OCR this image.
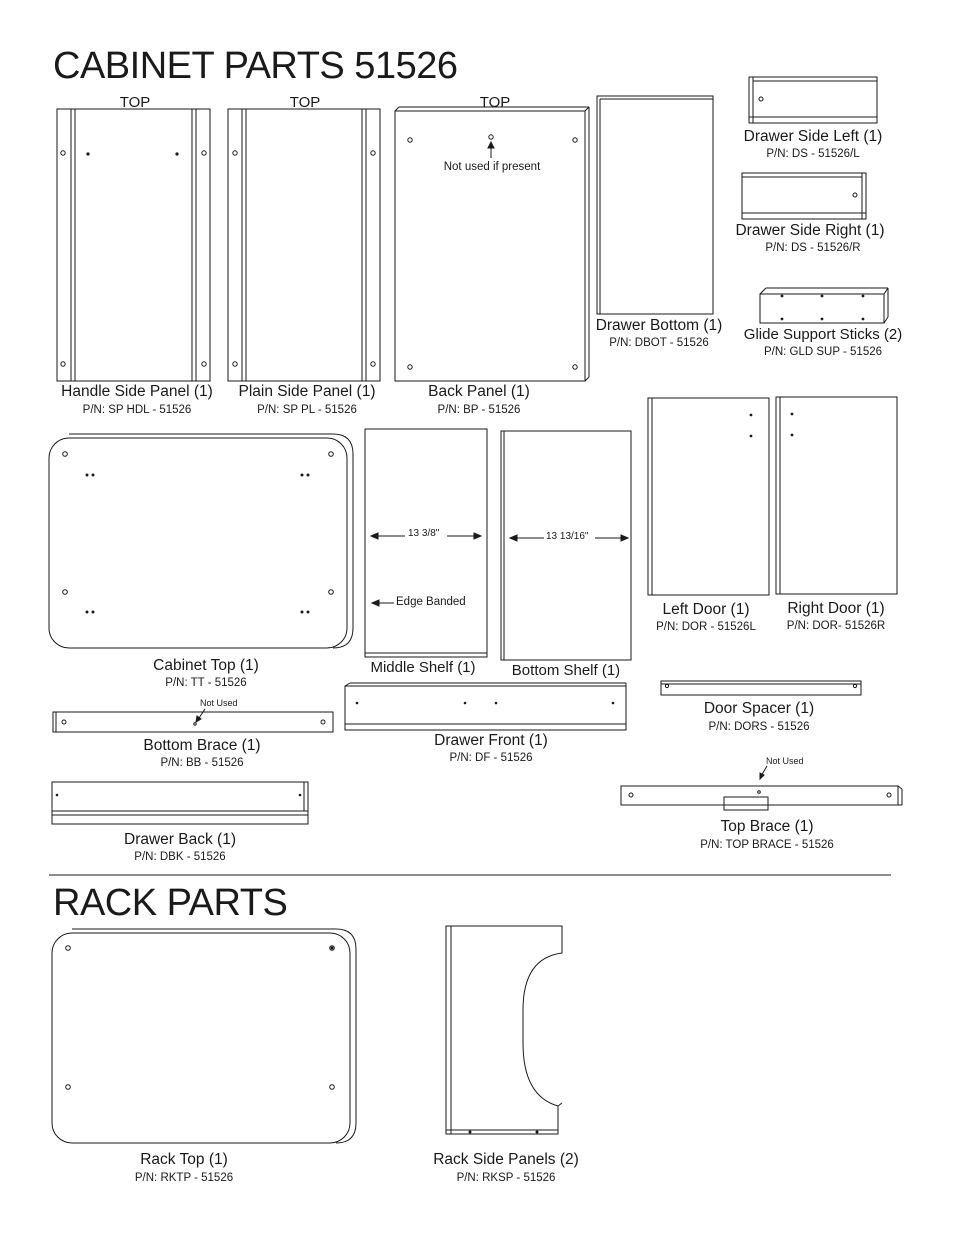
CABINET PARTS 51526
RACK PARTS
TOP	TOP	TOP
Not used if present
Handle Side Panel (1)
P/N: SP HDL - 51526
Plain Side Panel (1)
P/N: SP PL - 51526
Back Panel (1)
P/N: BP - 51526
Drawer Bottom (1)
P/N: DBOT - 51526
Drawer Side Left (1)
P/N: DS - 51526/L
Drawer Side Right (1)
P/N: DS - 51526/R
Glide Support Sticks (2)
P/N: GLD SUP - 51526
13 3/8"	13 13/16"
Edge Banded
Cabinet Top (1)
P/N: TT - 51526
Middle Shelf (1) Bottom Shelf (1)
Left Door (1)
P/N: DOR - 51526L
Right Door (1)
P/N: DOR- 51526R
Not Used
Bottom Brace (1)
P/N: BB - 51526
Drawer Front (1)
P/N: DF - 51526
Door Spacer (1)
P/N: DORS - 51526
Drawer Back (1)
P/N: DBK - 51526
Not Used
Top Brace (1)
P/N: TOP BRACE - 51526
Rack Top (1)
P/N: RKTP - 51526
Rack Side Panels (2)
P/N: RKSP - 51526
